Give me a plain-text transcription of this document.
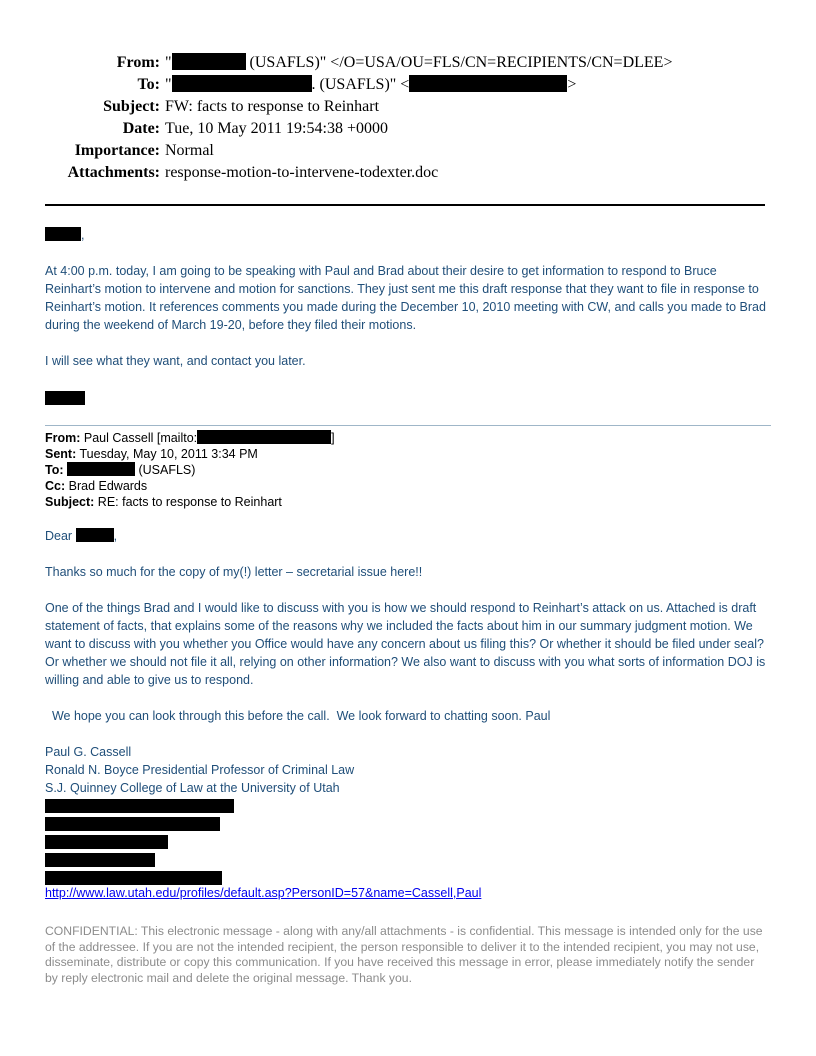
From: "	(USAFLS)" </O=USA/OU=FLS/CN=RECIPIENTS/CN=DLEE>
To: "	. (USAFLS)" <	>
Subject: FW: facts to response to Reinhart
Date: Tue, 10 May 2011 19:54:38 +0000
Importance: Normal
Attachments: response-motion-to-intervene-todexter.doc
,
At 4:00 p.m. today, I am going to be speaking with Paul and Brad about their desire to get information to respond to Bruce Reinhart’s motion to intervene and motion for sanctions. They just sent me this draft response that they want to file in response to Reinhart’s motion. It references comments you made during the December 10, 2010 meeting with CW, and calls you made to Brad during the weekend of March 19-20, before they filed their motions.
I will see what they want, and contact you later.
From: Paul Cassell [mailto:	]
Sent: Tuesday, May 10, 2011 3:34 PM
To:	(USAFLS)
Cc: Brad Edwards
Subject: RE: facts to response to Reinhart
Dear	,
Thanks so much for the copy of my(!) letter – secretarial issue here!!
One of the things Brad and I would like to discuss with you is how we should respond to Reinhart’s attack on us. Attached is draft statement of facts, that explains some of the reasons why we included the facts about him in our summary judgment motion. We want to discuss with you whether you Office would have any concern about us filing this? Or whether it should be filed under seal? Or whether we should not file it all, relying on other information? We also want to discuss with you what sorts of information DOJ is willing and able to give us to respond.
We hope you can look through this before the call.  We look forward to chatting soon. Paul
Paul G. Cassell
Ronald N. Boyce Presidential Professor of Criminal Law
S.J. Quinney College of Law at the University of Utah
http://www.law.utah.edu/profiles/default.asp?PersonID=57&name=Cassell,Paul
CONFIDENTIAL: This electronic message - along with any/all attachments - is confidential. This message is intended only for the use of the addressee. If you are not the intended recipient, the person responsible to deliver it to the intended recipient, you may not use, disseminate, distribute or copy this communication. If you have received this message in error, please immediately notify the sender by reply electronic mail and delete the original message. Thank you.
